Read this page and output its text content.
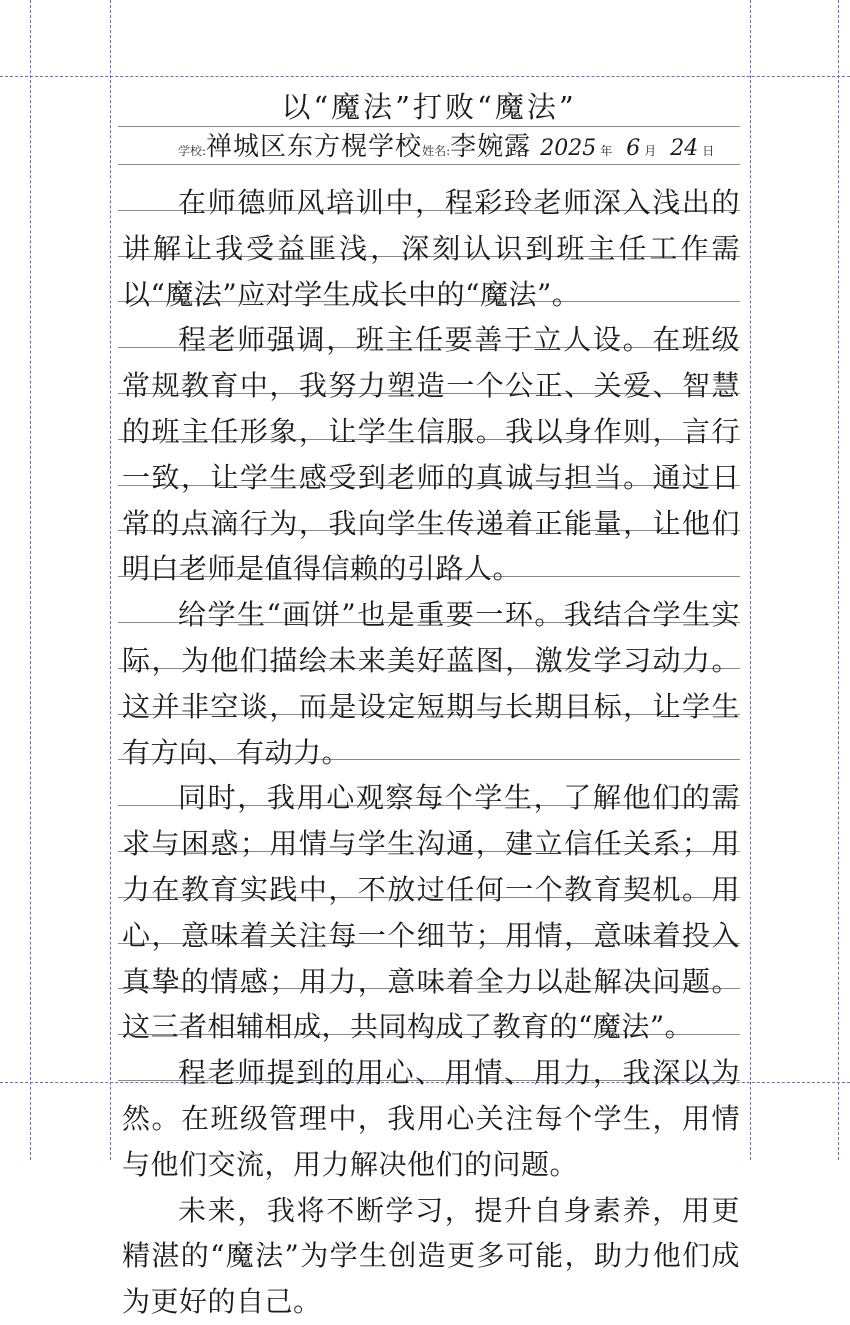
以“魔法”打败“魔法”
学校:禅城区东方榥学校姓名:李婉露 2025 年 6 月 24 日

在师德师风培训中，程彩玲老师深入浅出的讲解让我受益匪浅，深刻认识到班主任工作需以“魔法”应对学生成长中的“魔法”。

程老师强调，班主任要善于立人设。在班级常规教育中，我努力塑造一个公正、关爱、智慧的班主任形象，让学生信服。我以身作则，言行一致，让学生感受到老师的真诚与担当。通过日常的点滴行为，我向学生传递着正能量，让他们明白老师是值得信赖的引路人。

给学生“画饼”也是重要一环。我结合学生实际，为他们描绘未来美好蓝图，激发学习动力。这并非空谈，而是设定短期与长期目标，让学生有方向、有动力。

同时，我用心观察每个学生，了解他们的需求与困惑；用情与学生沟通，建立信任关系；用力在教育实践中，不放过任何一个教育契机。用心，意味着关注每一个细节；用情，意味着投入真挚的情感；用力，意味着全力以赴解决问题。这三者相辅相成，共同构成了教育的“魔法”。

程老师提到的用心、用情、用力，我深以为然。在班级管理中，我用心关注每个学生，用情与他们交流，用力解决他们的问题。

未来，我将不断学习，提升自身素养，用更精湛的“魔法”为学生创造更多可能，助力他们成为更好的自己。
